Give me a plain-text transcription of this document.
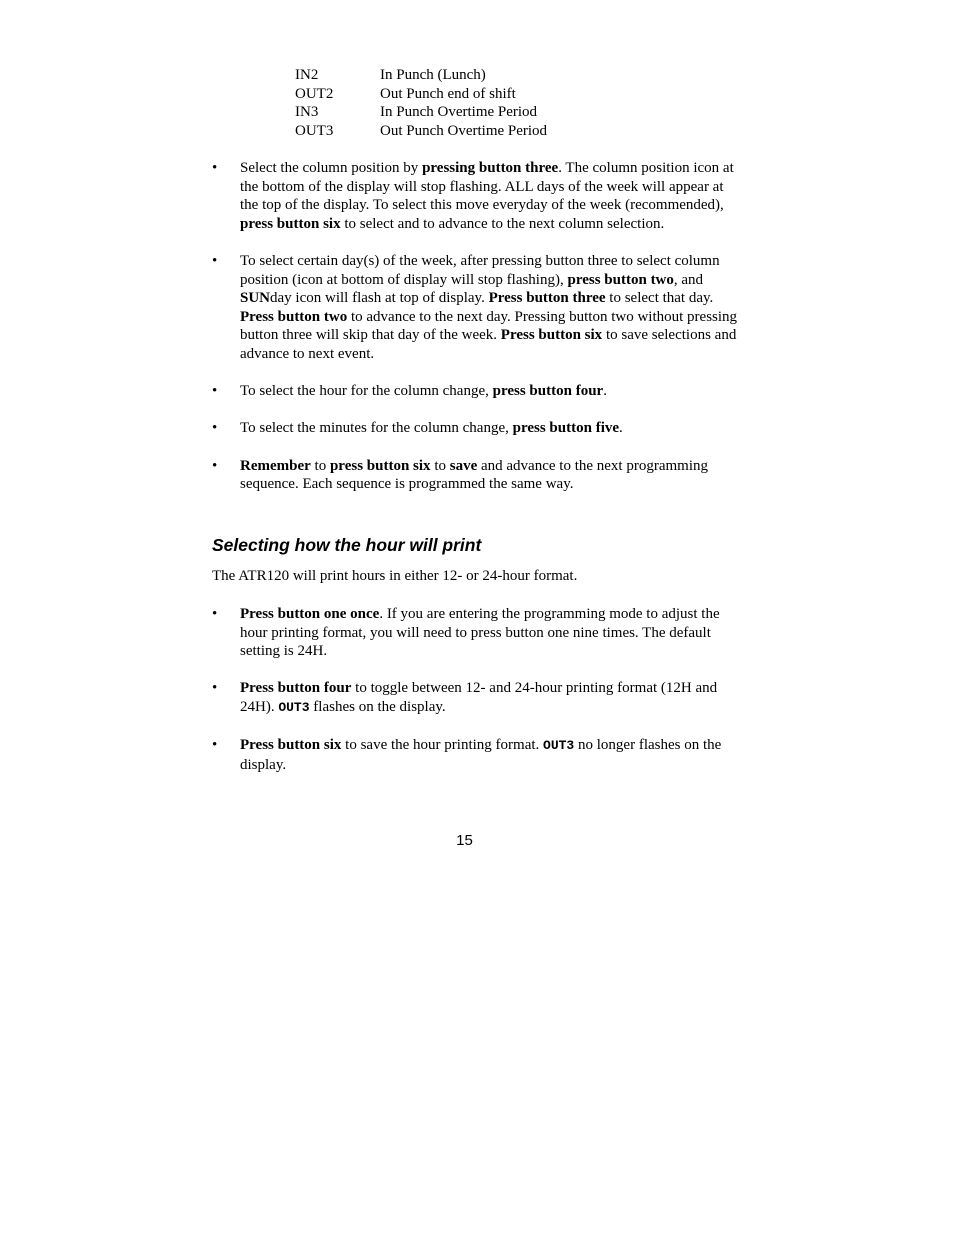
IN2	In Punch (Lunch)
OUT2	Out Punch end of shift
IN3	In Punch Overtime Period
OUT3	Out Punch Overtime Period
• Select the column position by pressing button three. The column position icon at the bottom of the display will stop flashing. ALL days of the week will appear at the top of the display. To select this move everyday of the week (recommended), press button six to select and to advance to the next column selection.
• To select certain day(s) of the week, after pressing button three to select column position (icon at bottom of display will stop flashing), press button two, and SUNday icon will flash at top of display. Press button three to select that day. Press button two to advance to the next day. Pressing button two without pressing button three will skip that day of the week. Press button six to save selections and advance to next event.
• To select the hour for the column change, press button four.
• To select the minutes for the column change, press button five.
• Remember to press button six to save and advance to the next programming sequence. Each sequence is programmed the same way.
Selecting how the hour will print

The ATR120 will print hours in either 12- or 24-hour format.

• Press button one once. If you are entering the programming mode to adjust the hour printing format, you will need to press button one nine times. The default setting is 24H.
• Press button four to toggle between 12- and 24-hour printing format (12H and 24H). OUT3 flashes on the display.
• Press button six to save the hour printing format. OUT3 no longer flashes on the display.
15
